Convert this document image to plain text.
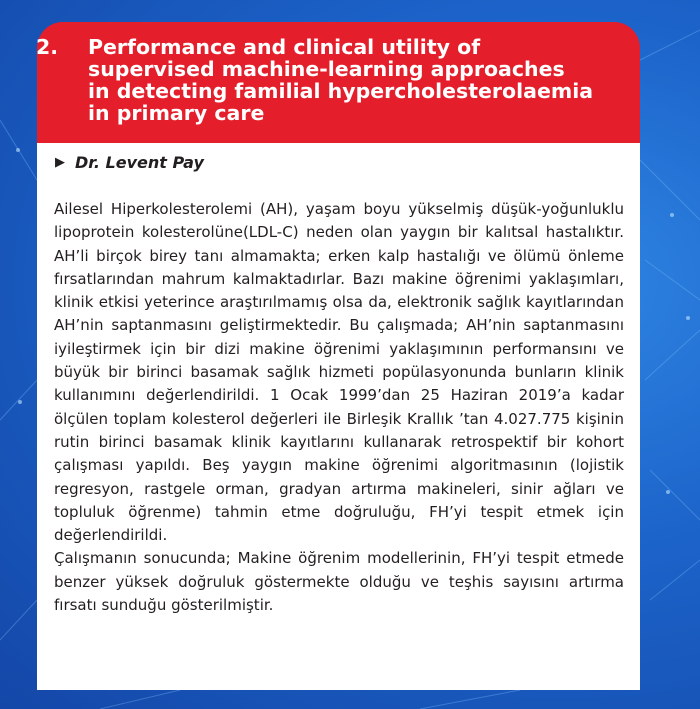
2. Performance and clinical utility of
supervised machine-learning approaches
in detecting familial hypercholesterolaemia
in primary care

▶ Dr. Levent Pay

Ailesel Hiperkolesterolemi (AH), yaşam boyu yükselmiş düşük-yoğunluklu lipoprotein kolesterolüne(LDL-C) neden olan yaygın bir kalıtsal hastalıktır. AH’li birçok birey tanı almamakta; erken kalp hastalığı ve ölümü önleme fırsatlarından mahrum kalmaktadırlar. Bazı makine öğrenimi yaklaşımları, klinik etkisi yeterince araştırılmamış olsa da, elektronik sağlık kayıtlarından AH’nin saptanmasını geliştirmektedir. Bu çalışmada; AH’nin saptanmasını iyileştirmek için bir dizi makine öğrenimi yaklaşımının performansını ve büyük bir birinci basamak sağlık hizmeti popülasyonunda bunların klinik kullanımını değerlendirildi. 1 Ocak 1999’dan 25 Haziran 2019’a kadar ölçülen toplam kolesterol değerleri ile Birleşik Krallık ’tan 4.027.775 kişinin rutin birinci basamak klinik kayıtlarını kullanarak retrospektif bir kohort çalışması yapıldı. Beş yaygın makine öğrenimi algoritmasının (lojistik regresyon, rastgele orman, gradyan artırma makineleri, sinir ağları ve topluluk öğrenme) tahmin etme doğruluğu, FH’yi tespit etmek için değerlendirildi.

Çalışmanın sonucunda; Makine öğrenim modellerinin, FH’yi tespit etmede benzer yüksek doğruluk göstermekte olduğu ve teşhis sayısını artırma fırsatı sunduğu gösterilmiştir.
